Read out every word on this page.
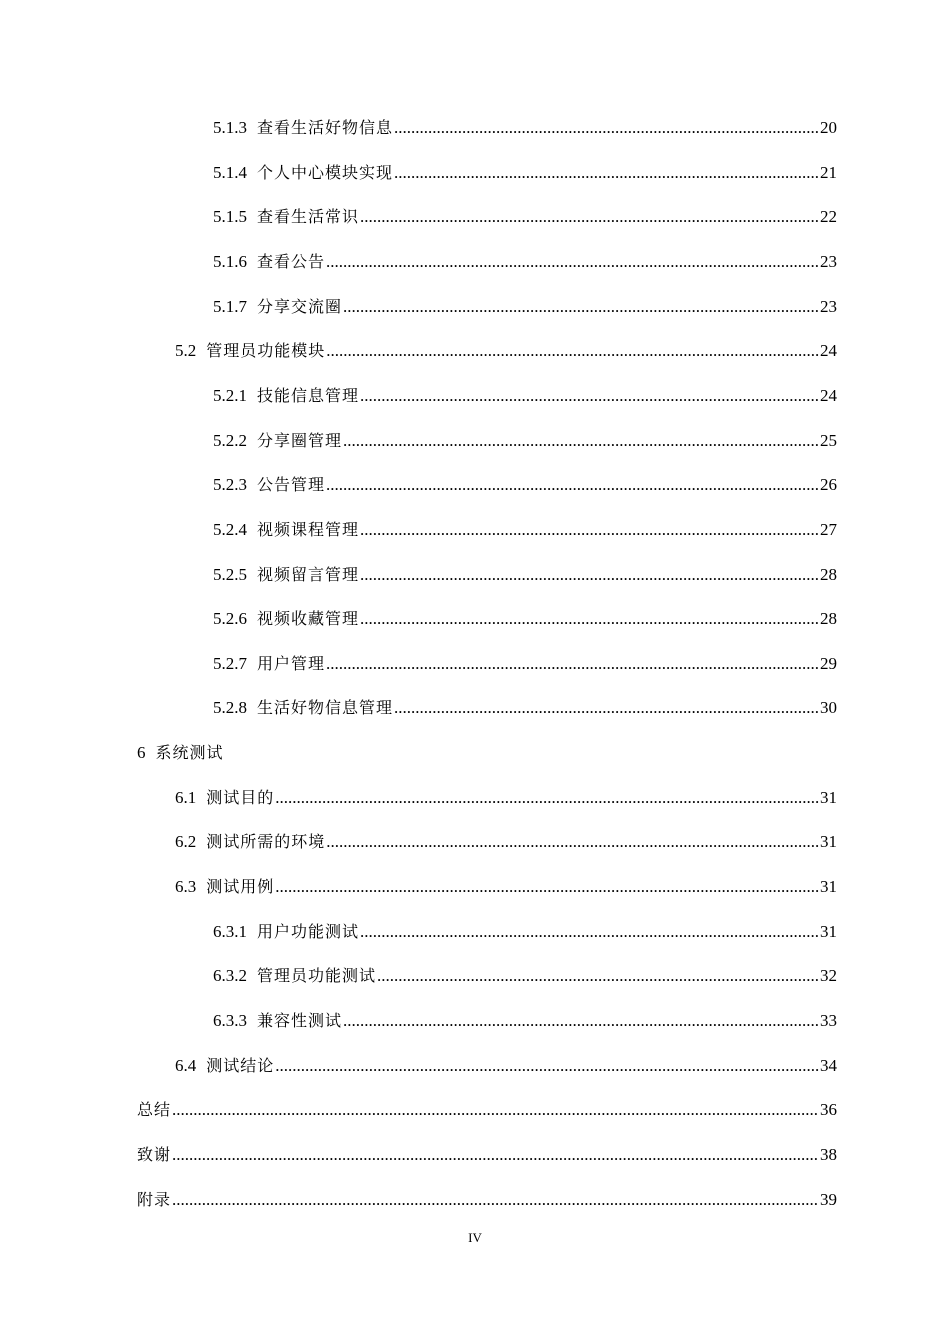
5.1.3 查看生活好物信息 .....	20
5.1.4 个人中心模块实现 .....	21
5.1.5 查看生活常识 .....	22
5.1.6 查看公告 .....	23
5.1.7 分享交流圈 .....	23
5.2 管理员功能模块 .....	24
5.2.1 技能信息管理 .....	24
5.2.2 分享圈管理 .....	25
5.2.3 公告管理 .....	26
5.2.4 视频课程管理 .....	27
5.2.5 视频留言管理 .....	28
5.2.6 视频收藏管理 .....	28
5.2.7 用户管理 .....	29
5.2.8 生活好物信息管理 .....	30
6 系统测试
6.1 测试目的 .....	31
6.2 测试所需的环境 .....	31
6.3 测试用例 .....	31
6.3.1 用户功能测试 .....	31
6.3.2 管理员功能测试 .....	32
6.3.3 兼容性测试 .....	33
6.4 测试结论 .....	34
总结 .....	36
致谢 .....	38
附录 .....	39
IV
